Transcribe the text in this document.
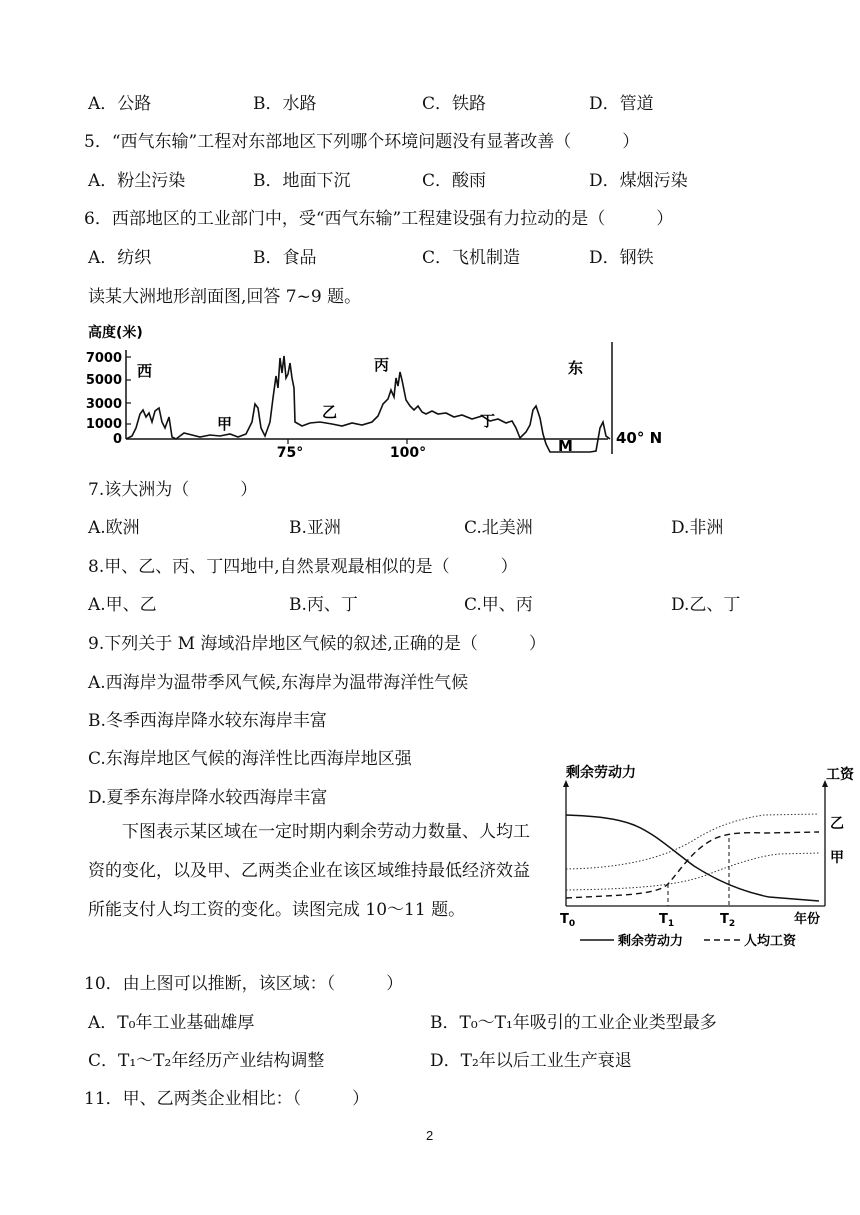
A．公路	B．水路	C．铁路	D．管道
5．“西气东输”工程对东部地区下列哪个环境问题没有显著改善（　　　）
A．粉尘污染	B．地面下沉	C．酸雨	D．煤烟污染
6．西部地区的工业部门中，受“西气东输”工程建设强有力拉动的是（　　　）
A．纺织	B．食品	C．飞机制造	D．钢铁
读某大洲地形剖面图,回答 7~9 题。
高度(米)
7000
5000
3000
1000
0
西
甲
乙
丙
丁
M
东
75°	100°
40° N
7.该大洲为（　　　）
A.欧洲	B.亚洲	C.北美洲	D.非洲
8.甲、乙、丙、丁四地中,自然景观最相似的是（　　　）
A.甲、乙	B.丙、丁	C.甲、丙	D.乙、丁
9.下列关于 M 海域沿岸地区气候的叙述,正确的是（　　　）
A.西海岸为温带季风气候,东海岸为温带海洋性气候
B.冬季西海岸降水较东海岸丰富
C.东海岸地区气候的海洋性比西海岸地区强
D.夏季东海岸降水较西海岸丰富
下图表示某区域在一定时期内剩余劳动力数量、人均工资的变化，以及甲、乙两类企业在该区域维持最低经济效益所能支付人均工资的变化。读图完成 10～11 题。
剩余劳动力	工资
乙
甲
$T_0$	$T_1$	$T_2$	年份
剩余劳动力	人均工资
10．由上图可以推断，该区域：（　　　）
A．T₀年工业基础雄厚	B．T₀～T₁年吸引的工业企业类型最多
C．T₁～T₂年经历产业结构调整	D．T₂年以后工业生产衰退
11．甲、乙两类企业相比：（　　　）
2
